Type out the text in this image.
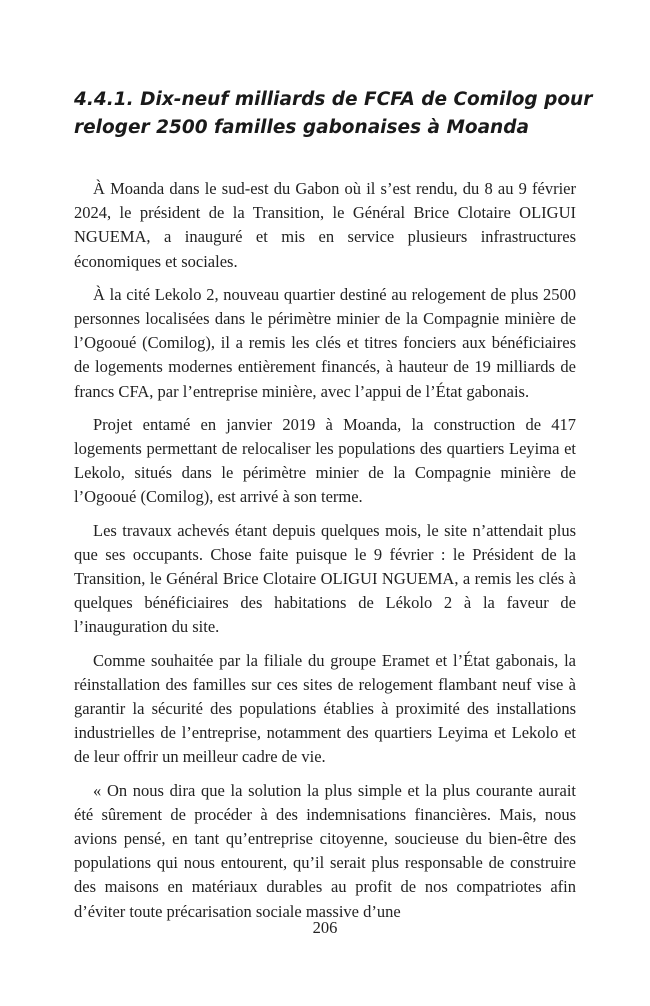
4.4.1. Dix-neuf milliards de FCFA de Comilog pour
reloger 2500 familles gabonaises à Moanda

À Moanda dans le sud-est du Gabon où il s’est rendu, du 8 au 9 février 2024, le président de la Transition, le Général Brice Clotaire OLIGUI NGUEMA, a inauguré et mis en service plusieurs infrastructures économiques et sociales.

À la cité Lekolo 2, nouveau quartier destiné au relogement de plus 2500 personnes localisées dans le périmètre minier de la Compagnie minière de l’Ogooué (Comilog), il a remis les clés et titres fonciers aux bénéficiaires de logements modernes entièrement financés, à hauteur de 19 milliards de francs CFA, par l’entreprise minière, avec l’appui de l’État gabonais.

Projet entamé en janvier 2019 à Moanda, la construction de 417 logements permettant de relocaliser les populations des quartiers Leyima et Lekolo, situés dans le périmètre minier de la Compagnie minière de l’Ogooué (Comilog), est arrivé à son terme.

Les travaux achevés étant depuis quelques mois, le site n’attendait plus que ses occupants. Chose faite puisque le 9 février : le Président de la Transition, le Général Brice Clotaire OLIGUI NGUEMA, a remis les clés à quelques bénéficiaires des habitations de Lékolo 2 à la faveur de l’inauguration du site.

Comme souhaitée par la filiale du groupe Eramet et l’État gabonais, la réinstallation des familles sur ces sites de relogement flambant neuf vise à garantir la sécurité des populations établies à proximité des installations industrielles de l’entreprise, notamment des quartiers Leyima et Lekolo et de leur offrir un meilleur cadre de vie.

« On nous dira que la solution la plus simple et la plus courante aurait été sûrement de procéder à des indemnisations financières. Mais, nous avions pensé, en tant qu’entreprise citoyenne, soucieuse du bien-être des populations qui nous entourent, qu’il serait plus responsable de construire des maisons en matériaux durables au profit de nos compatriotes afin d’éviter toute précarisation sociale massive d’une

206
